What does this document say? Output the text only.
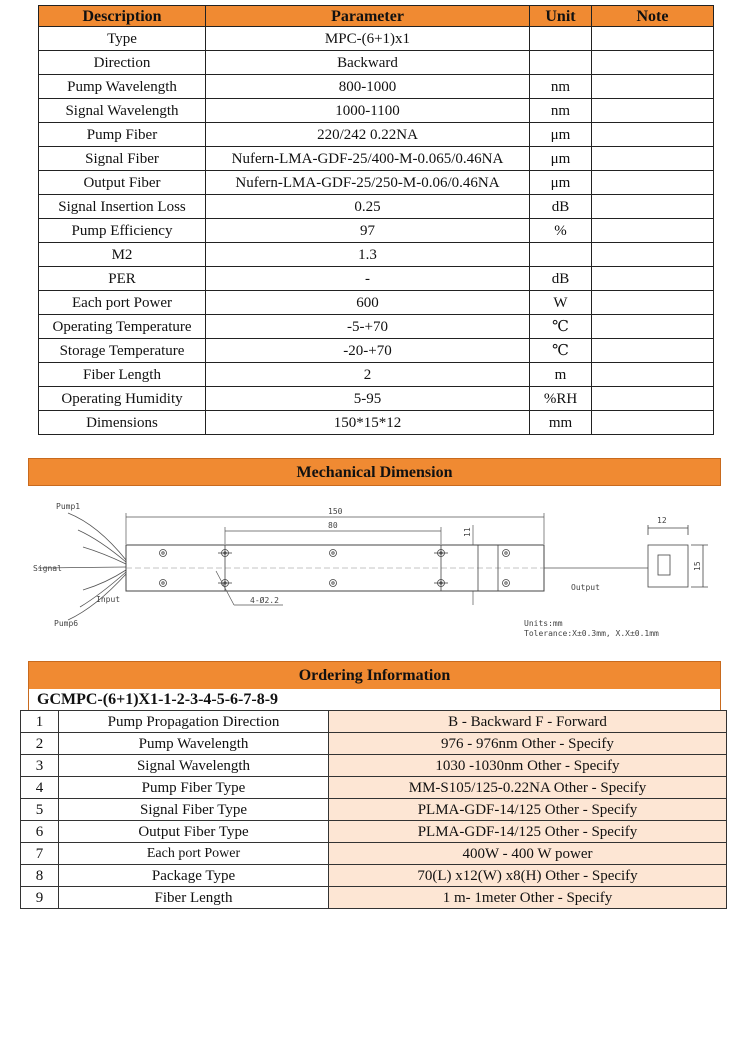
Description	Parameter	Unit	Note
Type	MPC-(6+1)x1		
Direction	Backward		
Pump Wavelength	800-1000	nm	
Signal Wavelength	1000-1100	nm	
Pump Fiber	220/242 0.22NA	μm	
Signal Fiber	Nufern-LMA-GDF-25/400-M-0.065/0.46NA	μm	
Output Fiber	Nufern-LMA-GDF-25/250-M-0.06/0.46NA	μm	
Signal Insertion Loss	0.25	dB	
Pump Efficiency	97	%	
M2	1.3		
PER	-	dB	
Each port Power	600	W	
Operating Temperature	-5-+70	℃	
Storage Temperature	-20-+70	℃	
Fiber Length	2	m	
Operating Humidity	5-95	%RH	
Dimensions	150*15*12	mm	
Mechanical Dimension
Pump1
Signal
Input
Pump6
Output
150
80
11
12
15
4-Ø2.2
Units:mm
Tolerance:X±0.3mm, X.X±0.1mm
Ordering Information
GCMPC-(6+1)X1-1-2-3-4-5-6-7-8-9
1	Pump Propagation Direction	B - Backward F - Forward
2	Pump Wavelength	976 - 976nm Other - Specify
3	Signal Wavelength	1030 -1030nm Other - Specify
4	Pump Fiber Type	MM-S105/125-0.22NA Other - Specify
5	Signal Fiber Type	PLMA-GDF-14/125 Other - Specify
6	Output Fiber Type	PLMA-GDF-14/125 Other - Specify
7	Each port Power	400W - 400 W power
8	Package Type	70(L) x12(W) x8(H) Other - Specify
9	Fiber Length	1 m- 1meter Other - Specify
